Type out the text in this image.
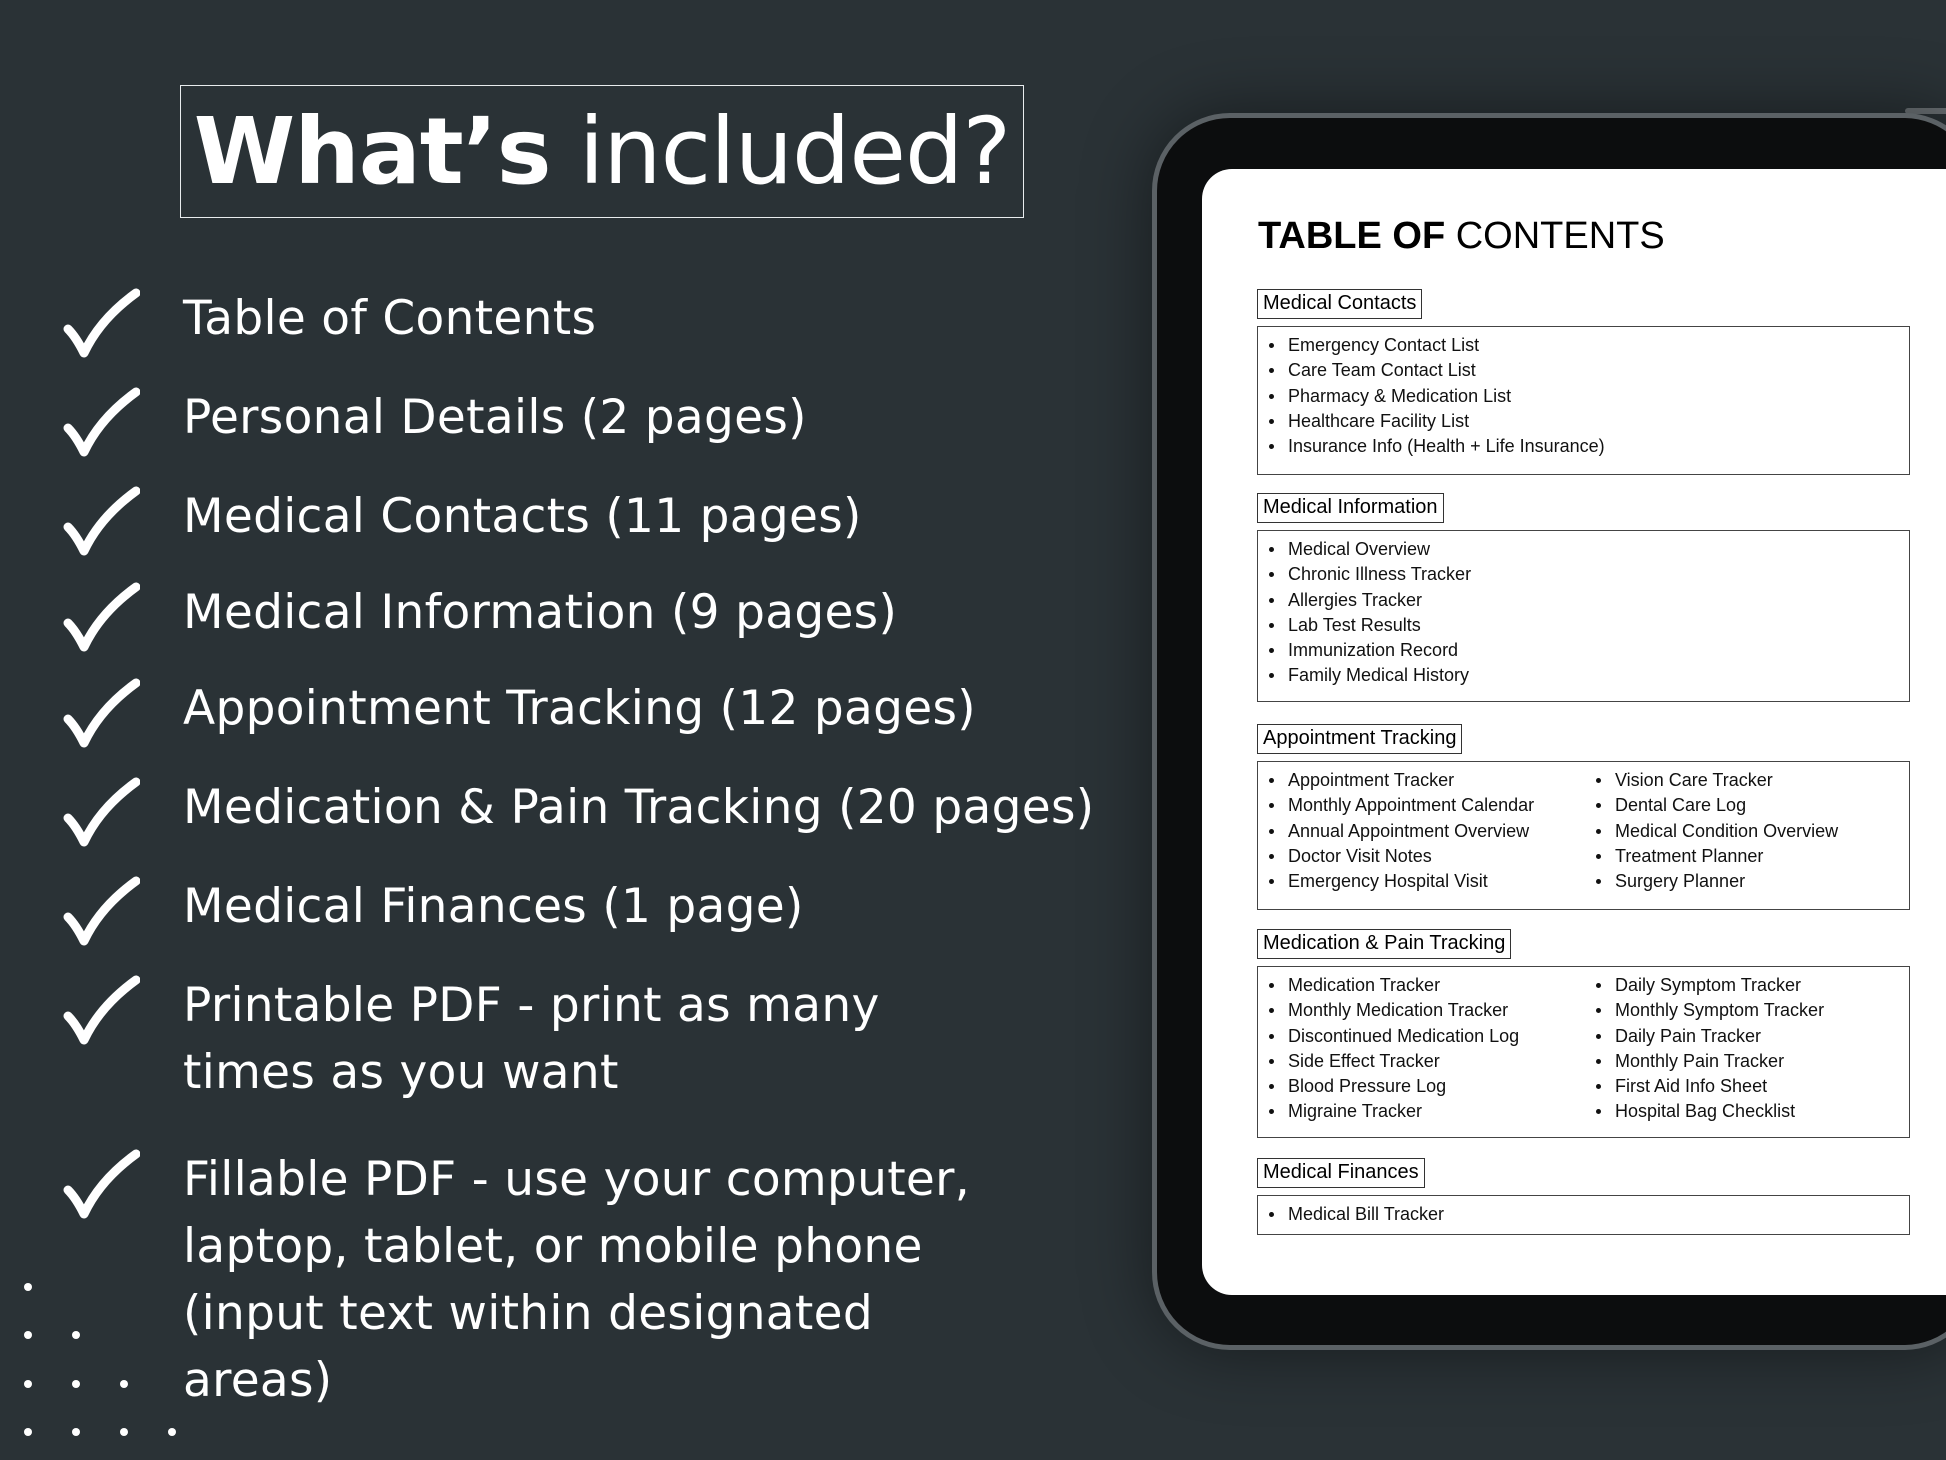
What’s included?
Table of Contents
Personal Details (2 pages)
Medical Contacts (11 pages)
Medical Information (9 pages)
Appointment Tracking (12 pages)
Medication & Pain Tracking (20 pages)
Medical Finances (1 page)
Printable PDF - print as many
times as you want
Fillable PDF - use your computer,
laptop, tablet, or mobile phone
(input text within designated
areas)
TABLE OF CONTENTS
Medical Contacts
Emergency Contact List
Care Team Contact List
Pharmacy & Medication List
Healthcare Facility List
Insurance Info (Health + Life Insurance)
Medical Information
Medical Overview
Chronic Illness Tracker
Allergies Tracker
Lab Test Results
Immunization Record
Family Medical History
Appointment Tracking
Appointment Tracker
Monthly Appointment Calendar
Annual Appointment Overview
Doctor Visit Notes
Emergency Hospital Visit
Vision Care Tracker
Dental Care Log
Medical Condition Overview
Treatment Planner
Surgery Planner
Medication & Pain Tracking
Medication Tracker
Monthly Medication Tracker
Discontinued Medication Log
Side Effect Tracker
Blood Pressure Log
Migraine Tracker
Daily Symptom Tracker
Monthly Symptom Tracker
Daily Pain Tracker
Monthly Pain Tracker
First Aid Info Sheet
Hospital Bag Checklist
Medical Finances
Medical Bill Tracker
